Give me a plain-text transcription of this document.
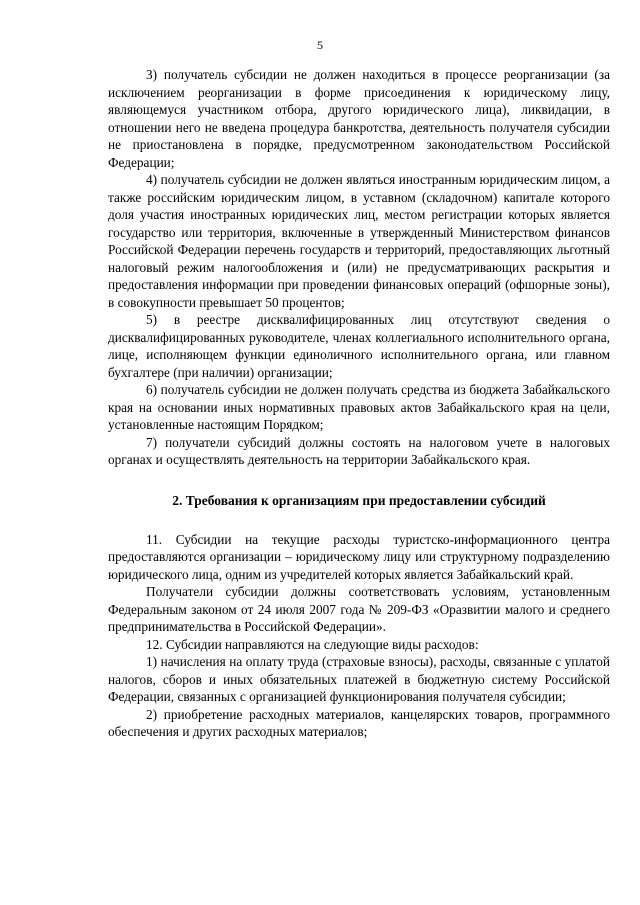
5

3) получатель субсидии не должен находиться в процессе реорганизации (за исключением реорганизации в форме присоединения к юридическому лицу, являющемуся участником отбора, другого юридического лица), ликвидации, в отношении него не введена процедура банкротства, деятельность получателя субсидии не приостановлена в порядке, предусмотренном законодательством Российской Федерации;

4) получатель субсидии не должен являться иностранным юридическим лицом, а также российским юридическим лицом, в уставном (складочном) капитале которого доля участия иностранных юридических лиц, местом регистрации которых является государство или территория, включенные в утвержденный Министерством финансов Российской Федерации перечень государств и территорий, предоставляющих льготный налоговый режим налогообложения и (или) не предусматривающих раскрытия и предоставления информации при проведении финансовых операций (офшорные зоны), в совокупности превышает 50 процентов;

5) в реестре дисквалифицированных лиц отсутствуют сведения о дисквалифицированных руководителе, членах коллегиального исполнительного органа, лице, исполняющем функции единоличного исполнительного органа, или главном бухгалтере (при наличии) организации;

6) получатель субсидии не должен получать средства из бюджета Забайкальского края на основании иных нормативных правовых актов Забайкальского края на цели, установленные настоящим Порядком;

7) получатели субсидий должны состоять на налоговом учете в налоговых органах и осуществлять деятельность на территории Забайкальского края.

2. Требования к организациям при предоставлении субсидий

11. Субсидии на текущие расходы туристско-информационного центра предоставляются организации – юридическому лицу или структурному подразделению юридического лица, одним из учредителей которых является Забайкальский край.

Получатели субсидии должны соответствовать условиям, установленным Федеральным законом от 24 июля 2007 года № 209-ФЗ «Оразвитии малого и среднего предпринимательства в Российской Федерации».

12. Субсидии направляются на следующие виды расходов:

1) начисления на оплату труда (страховые взносы), расходы, связанные с уплатой налогов, сборов и иных обязательных платежей в бюджетную систему Российской Федерации, связанных с организацией функционирования получателя субсидии;

2) приобретение расходных материалов, канцелярских товаров, программного обеспечения и других расходных материалов;
